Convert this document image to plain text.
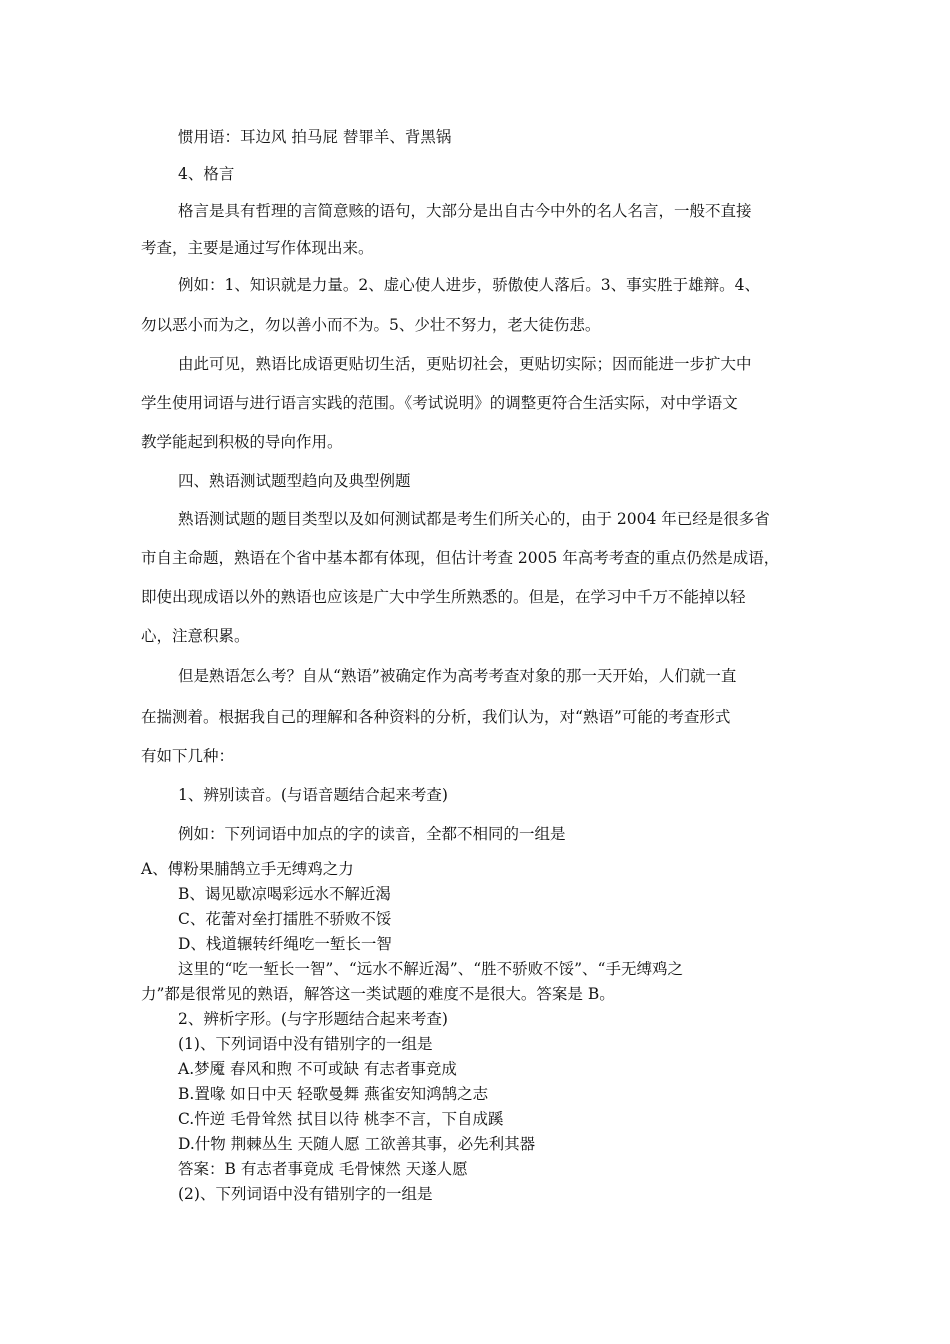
惯用语：耳边风 拍马屁 替罪羊、背黑锅
4、格言
格言是具有哲理的言简意赅的语句，大部分是出自古今中外的名人名言，一般不直接
考查，主要是通过写作体现出来。
例如：1、知识就是力量。2、虚心使人进步，骄傲使人落后。3、事实胜于雄辩。4、
勿以恶小而为之，勿以善小而不为。5、少壮不努力，老大徒伤悲。
由此可见，熟语比成语更贴切生活，更贴切社会，更贴切实际；因而能进一步扩大中
学生使用词语与进行语言实践的范围。《考试说明》的调整更符合生活实际，对中学语文
教学能起到积极的导向作用。
四、熟语测试题型趋向及典型例题
熟语测试题的题目类型以及如何测试都是考生们所关心的，由于 2004 年已经是很多省
市自主命题，熟语在个省中基本都有体现，但估计考查 2005 年高考考查的重点仍然是成语，
即使出现成语以外的熟语也应该是广大中学生所熟悉的。但是，在学习中千万不能掉以轻
心，注意积累。
但是熟语怎么考？自从“熟语”被确定作为高考考查对象的那一天开始，人们就一直
在揣测着。根据我自己的理解和各种资料的分析，我们认为，对“熟语”可能的考查形式
有如下几种：
1、辨别读音。(与语音题结合起来考查)
例如：下列词语中加点的字的读音，全都不相同的一组是
A、傅粉果脯鹄立手无缚鸡之力
B、谒见歇凉喝彩远水不解近渴
C、花蕾对垒打擂胜不骄败不馁
D、栈道辗转纤绳吃一堑长一智
这里的“吃一堑长一智”、“远水不解近渴”、“胜不骄败不馁”、“手无缚鸡之
力”都是很常见的熟语，解答这一类试题的难度不是很大。答案是 B。
2、辨析字形。(与字形题结合起来考查)
(1)、下列词语中没有错别字的一组是
A.梦魇 春风和煦 不可或缺 有志者事竞成
B.置喙 如日中天 轻歌曼舞 燕雀安知鸿鹄之志
C.忤逆 毛骨耸然 拭目以待 桃李不言，下自成蹊
D.什物 荆棘丛生 天随人愿 工欲善其事，必先利其器
答案：B 有志者事竟成 毛骨悚然 天遂人愿
(2)、下列词语中没有错别字的一组是
